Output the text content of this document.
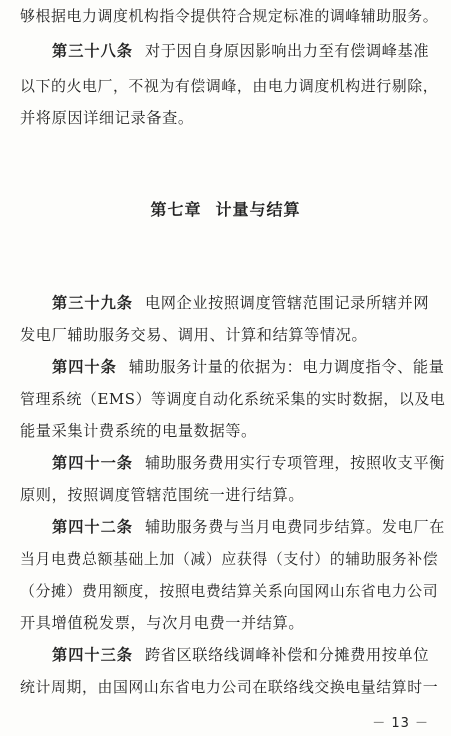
够根据电力调度机构指令提供符合规定标准的调峰辅助服务。
第三十八条 对于因自身原因影响出力至有偿调峰基准
以下的火电厂，不视为有偿调峰，由电力调度机构进行剔除，
并将原因详细记录备查。
第七章 计量与结算
第三十九条 电网企业按照调度管辖范围记录所辖并网
发电厂辅助服务交易、调用、计算和结算等情况。
第四十条 辅助服务计量的依据为：电力调度指令、能量
管理系统（EMS）等调度自动化系统采集的实时数据，以及电
能量采集计费系统的电量数据等。
第四十一条 辅助服务费用实行专项管理，按照收支平衡
原则，按照调度管辖范围统一进行结算。
第四十二条 辅助服务费与当月电费同步结算。发电厂在
当月电费总额基础上加（减）应获得（支付）的辅助服务补偿
（分摊）费用额度，按照电费结算关系向国网山东省电力公司
开具增值税发票，与次月电费一并结算。
第四十三条 跨省区联络线调峰补偿和分摊费用按单位
统计周期，由国网山东省电力公司在联络线交换电量结算时一
－ 13 －
